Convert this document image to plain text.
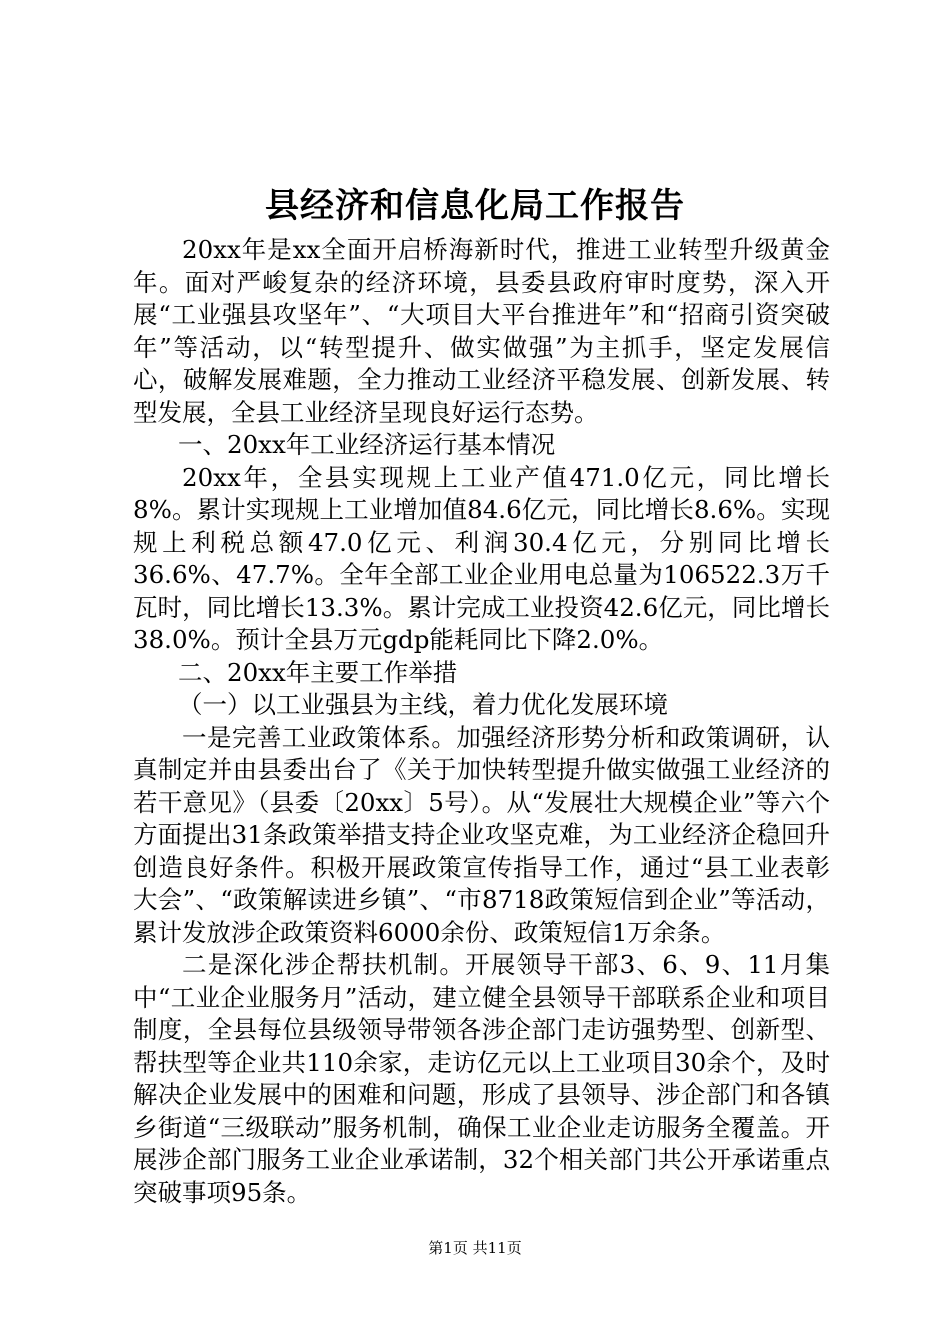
县经济和信息化局工作报告

20xx年是xx全面开启桥海新时代，推进工业转型升级黄金年。面对严峻复杂的经济环境，县委县政府审时度势，深入开展“工业强县攻坚年”、“大项目大平台推进年”和“招商引资突破年”等活动，以“转型提升、做实做强”为主抓手，坚定发展信心，破解发展难题，全力推动工业经济平稳发展、创新发展、转型发展，全县工业经济呈现良好运行态势。

一、20xx年工业经济运行基本情况

20xx年，全县实现规上工业产值471.0亿元，同比增长8%。累计实现规上工业增加值84.6亿元，同比增长8.6%。实现规上利税总额47.0亿元、利润30.4亿元，分别同比增长36.6%、47.7%。全年全部工业企业用电总量为106522.3万千瓦时，同比增长13.3%。累计完成工业投资42.6亿元，同比增长38.0%。预计全县万元gdp能耗同比下降2.0%。

二、20xx年主要工作举措

（一）以工业强县为主线，着力优化发展环境

一是完善工业政策体系。加强经济形势分析和政策调研，认真制定并由县委出台了《关于加快转型提升做实做强工业经济的若干意见》（县委〔20xx〕5号）。从“发展壮大规模企业”等六个方面提出31条政策举措支持企业攻坚克难，为工业经济企稳回升创造良好条件。积极开展政策宣传指导工作，通过“县工业表彰大会”、“政策解读进乡镇”、“市8718政策短信到企业”等活动，累计发放涉企政策资料6000余份、政策短信1万余条。

二是深化涉企帮扶机制。开展领导干部3、6、9、11月集中“工业企业服务月”活动，建立健全县领导干部联系企业和项目制度，全县每位县级领导带领各涉企部门走访强势型、创新型、帮扶型等企业共110余家，走访亿元以上工业项目30余个，及时解决企业发展中的困难和问题，形成了县领导、涉企部门和各镇乡街道“三级联动”服务机制，确保工业企业走访服务全覆盖。开展涉企部门服务工业企业承诺制，32个相关部门共公开承诺重点突破事项95条。

第1页 共11页
